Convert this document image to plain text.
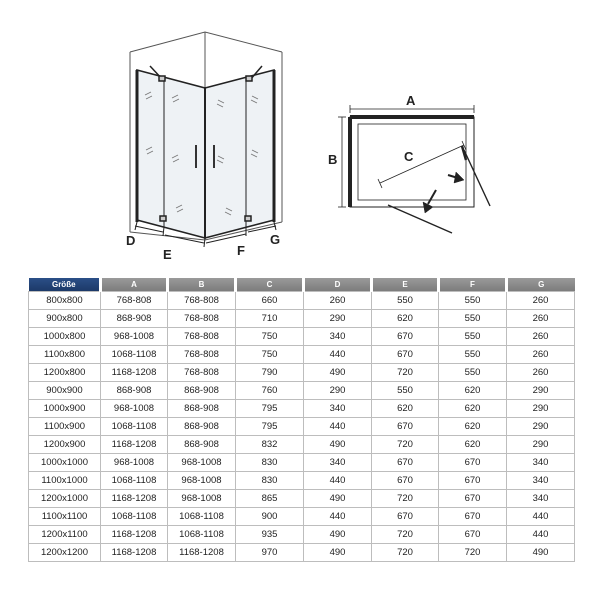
D
E	F
G
A
B	C
Größe	A	B	C	D	E	F	G
800x800	768-808	768-808	660	260	550	550	260
900x800	868-908	768-808	710	290	620	550	260
1000x800	968-1008	768-808	750	340	670	550	260
1100x800	1068-1108	768-808	750	440	670	550	260
1200x800	1168-1208	768-808	790	490	720	550	260
900x900	868-908	868-908	760	290	550	620	290
1000x900	968-1008	868-908	795	340	620	620	290
1100x900	1068-1108	868-908	795	440	670	620	290
1200x900	1168-1208	868-908	832	490	720	620	290
1000x1000	968-1008	968-1008	830	340	670	670	340
1100x1000	1068-1108	968-1008	830	440	670	670	340
1200x1000	1168-1208	968-1008	865	490	720	670	340
1100x1100	1068-1108	1068-1108	900	440	670	670	440
1200x1100	1168-1208	1068-1108	935	490	720	670	440
1200x1200	1168-1208	1168-1208	970	490	720	720	490
